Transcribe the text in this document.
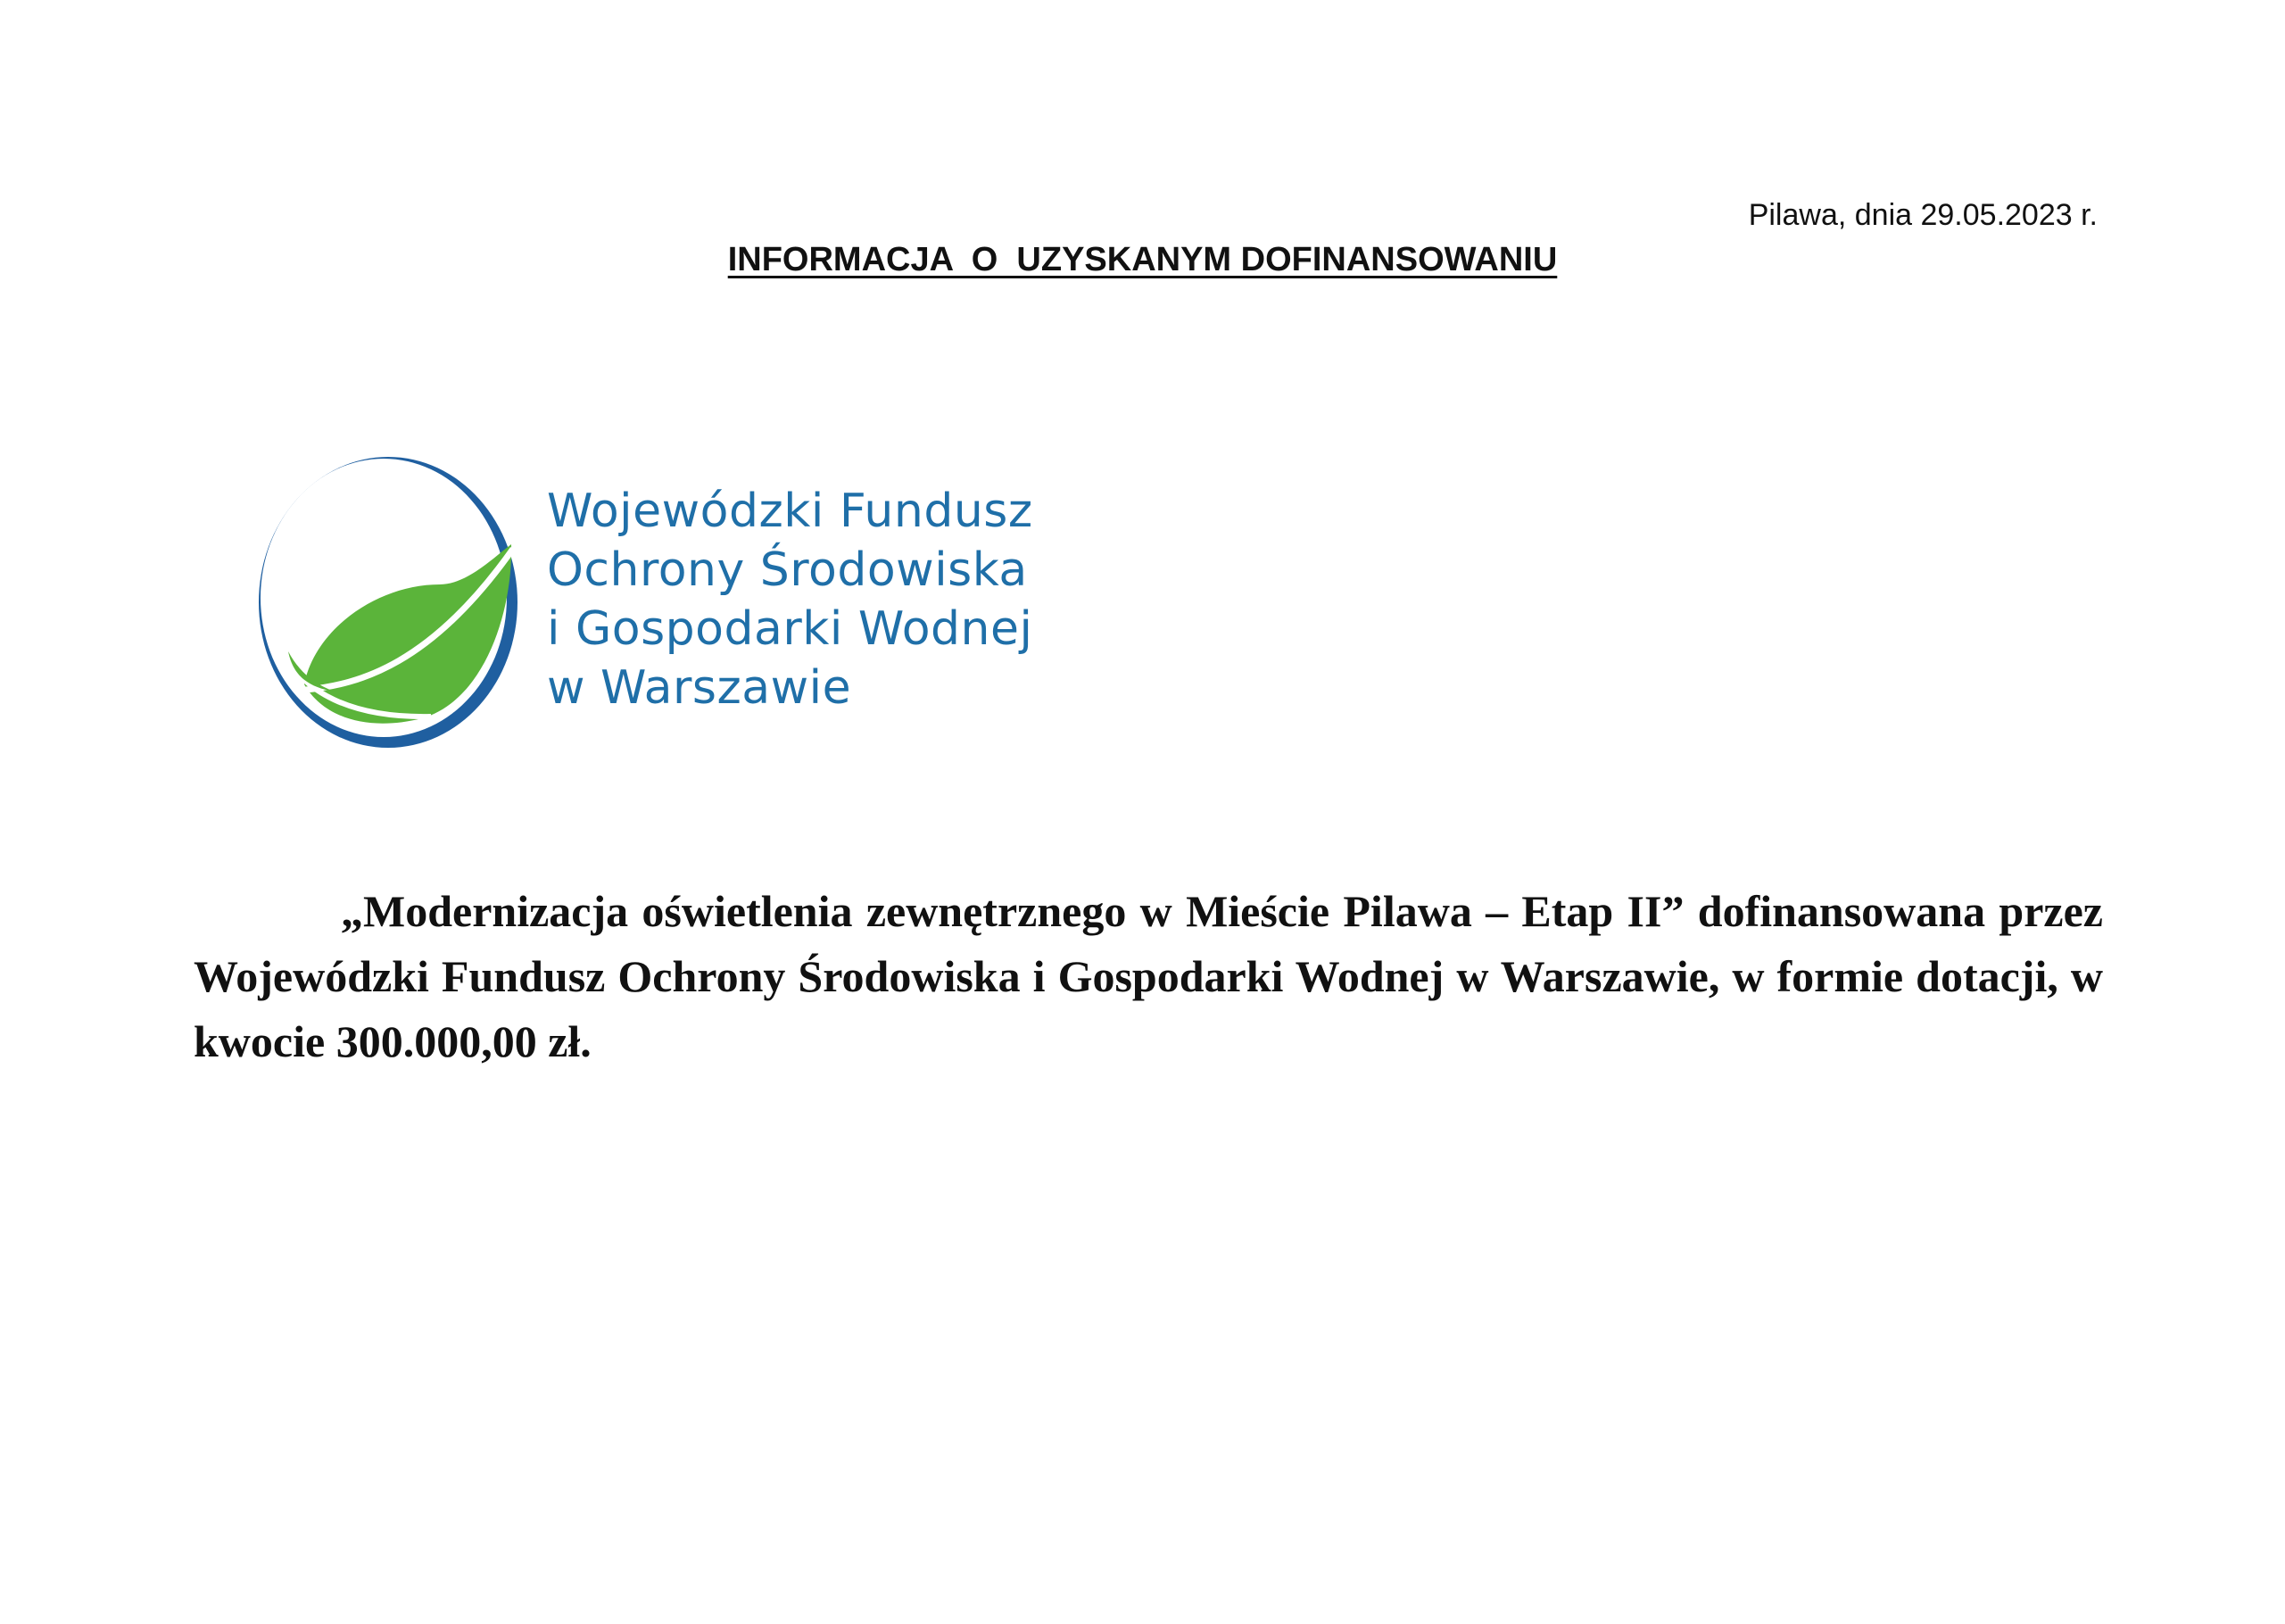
Pilawa, dnia 29.05.2023 r.
INFORMACJA  O  UZYSKANYM DOFINANSOWANIU
Wojewódzki Fundusz
Ochrony Środowiska
i Gospodarki Wodnej
w Warszawie
„Modernizacja oświetlenia zewnętrznego w Mieście Pilawa – Etap II” dofinansowana przez Wojewódzki Fundusz Ochrony Środowiska i Gospodarki Wodnej w Warszawie, w formie dotacji, w kwocie 300.000,00 zł.
